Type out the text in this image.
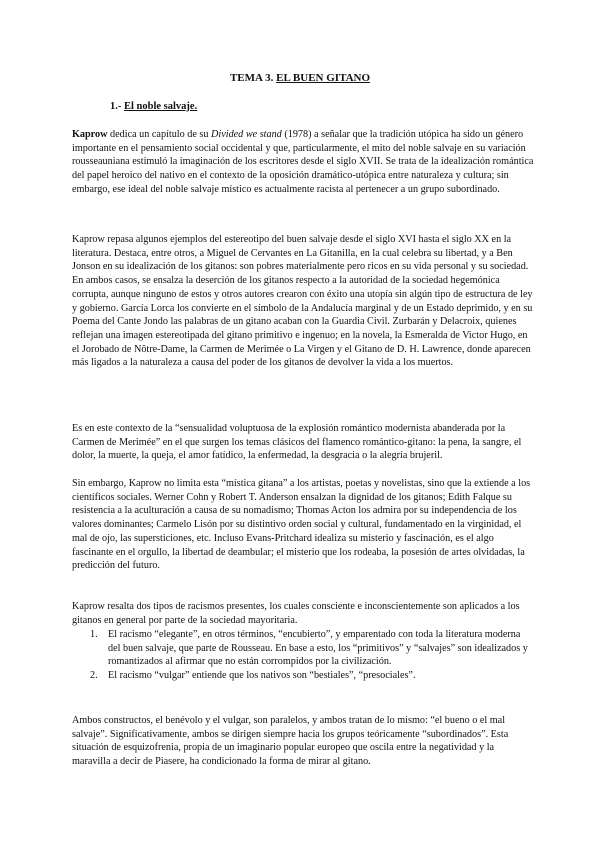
TEMA 3. EL BUEN GITANO
1.- El noble salvaje.

Kaprow dedica un capítulo de su Divided we stand (1978) a señalar que la tradición utópica ha sido un género importante en el pensamiento social occidental y que, particularmente, el mito del noble salvaje en su variación rousseauniana estimuló la imaginación de los escritores desde el siglo XVII. Se trata de la idealización romántica del papel heroico del nativo en el contexto de la oposición dramático-utópica entre naturaleza y cultura; sin embargo, ese ideal del noble salvaje místico es actualmente racista al pertenecer a un grupo subordinado.

Kaprow repasa algunos ejemplos del estereotipo del buen salvaje desde el siglo XVI hasta el siglo XX en la literatura. Destaca, entre otros, a Miguel de Cervantes en La Gitanilla, en la cual celebra su libertad, y a Ben Jonson en su idealización de los gitanos: son pobres materialmente pero ricos en su vida personal y su sociedad. En ambos casos, se ensalza la deserción de los gitanos respecto a la autoridad de la sociedad hegemónica corrupta, aunque ninguno de estos y otros autores crearon con éxito una utopía sin algún tipo de estructura de ley y gobierno. García Lorca los convierte en el símbolo de la Andalucía marginal y de un Estado deprimido, y en su Poema del Cante Jondo las palabras de un gitano acaban con la Guardia Civil. Zurbarán y Delacroix, quienes reflejan una imagen estereotipada del gitano primitivo e ingenuo; en la novela, la Esmeralda de Victor Hugo, en el Jorobado de Nôtre-Dame, la Carmen de Merimée o La Virgen y el Gitano de D. H. Lawrence, donde aparecen más ligados a la naturaleza a causa del poder de los gitanos de devolver la vida a los muertos.

Es en este contexto de la “sensualidad voluptuosa de la explosión romántico modernista abanderada por la Carmen de Merimée” en el que surgen los temas clásicos del flamenco romántico-gitano: la pena, la sangre, el dolor, la muerte, la queja, el amor fatídico, la enfermedad, la desgracia o la alegría brujeril.

Sin embargo, Kaprow no limita esta “mística gitana” a los artistas, poetas y novelistas, sino que la extiende a los científicos sociales. Werner Cohn y Robert T. Anderson ensalzan la dignidad de los gitanos; Edith Falque su resistencia a la aculturación a causa de su nomadismo; Thomas Acton los admira por su independencia de los valores dominantes; Carmelo Lisón por su distintivo orden social y cultural, fundamentado en la virginidad, el mal de ojo, las supersticiones, etc. Incluso Evans-Pritchard idealiza su misterio y fascinación, es el algo fascinante en el orgullo, la libertad de deambular; el misterio que los rodeaba, la posesión de artes olvidadas, la predicción del futuro.

Kaprow resalta dos tipos de racismos presentes, los cuales consciente e inconscientemente son aplicados a los gitanos en general por parte de la sociedad mayoritaria.

1. El racismo “elegante”, en otros términos, “encubierto”, y emparentado con toda la literatura moderna del buen salvaje, que parte de Rousseau. En base a esto, los “primitivos” y “salvajes” son idealizados y romantizados al afirmar que no están corrompidos por la civilización.
2. El racismo “vulgar” entiende que los nativos son “bestiales”, “presociales”.

Ambos constructos, el benévolo y el vulgar, son paralelos, y ambos tratan de lo mismo: “el bueno o el mal salvaje”. Significativamente, ambos se dirigen siempre hacia los grupos teóricamente “subordinados”. Esta situación de esquizofrenia, propia de un imaginario popular europeo que oscila entre la negatividad y la maravilla a decir de Piasere, ha condicionado la forma de mirar al gitano.
